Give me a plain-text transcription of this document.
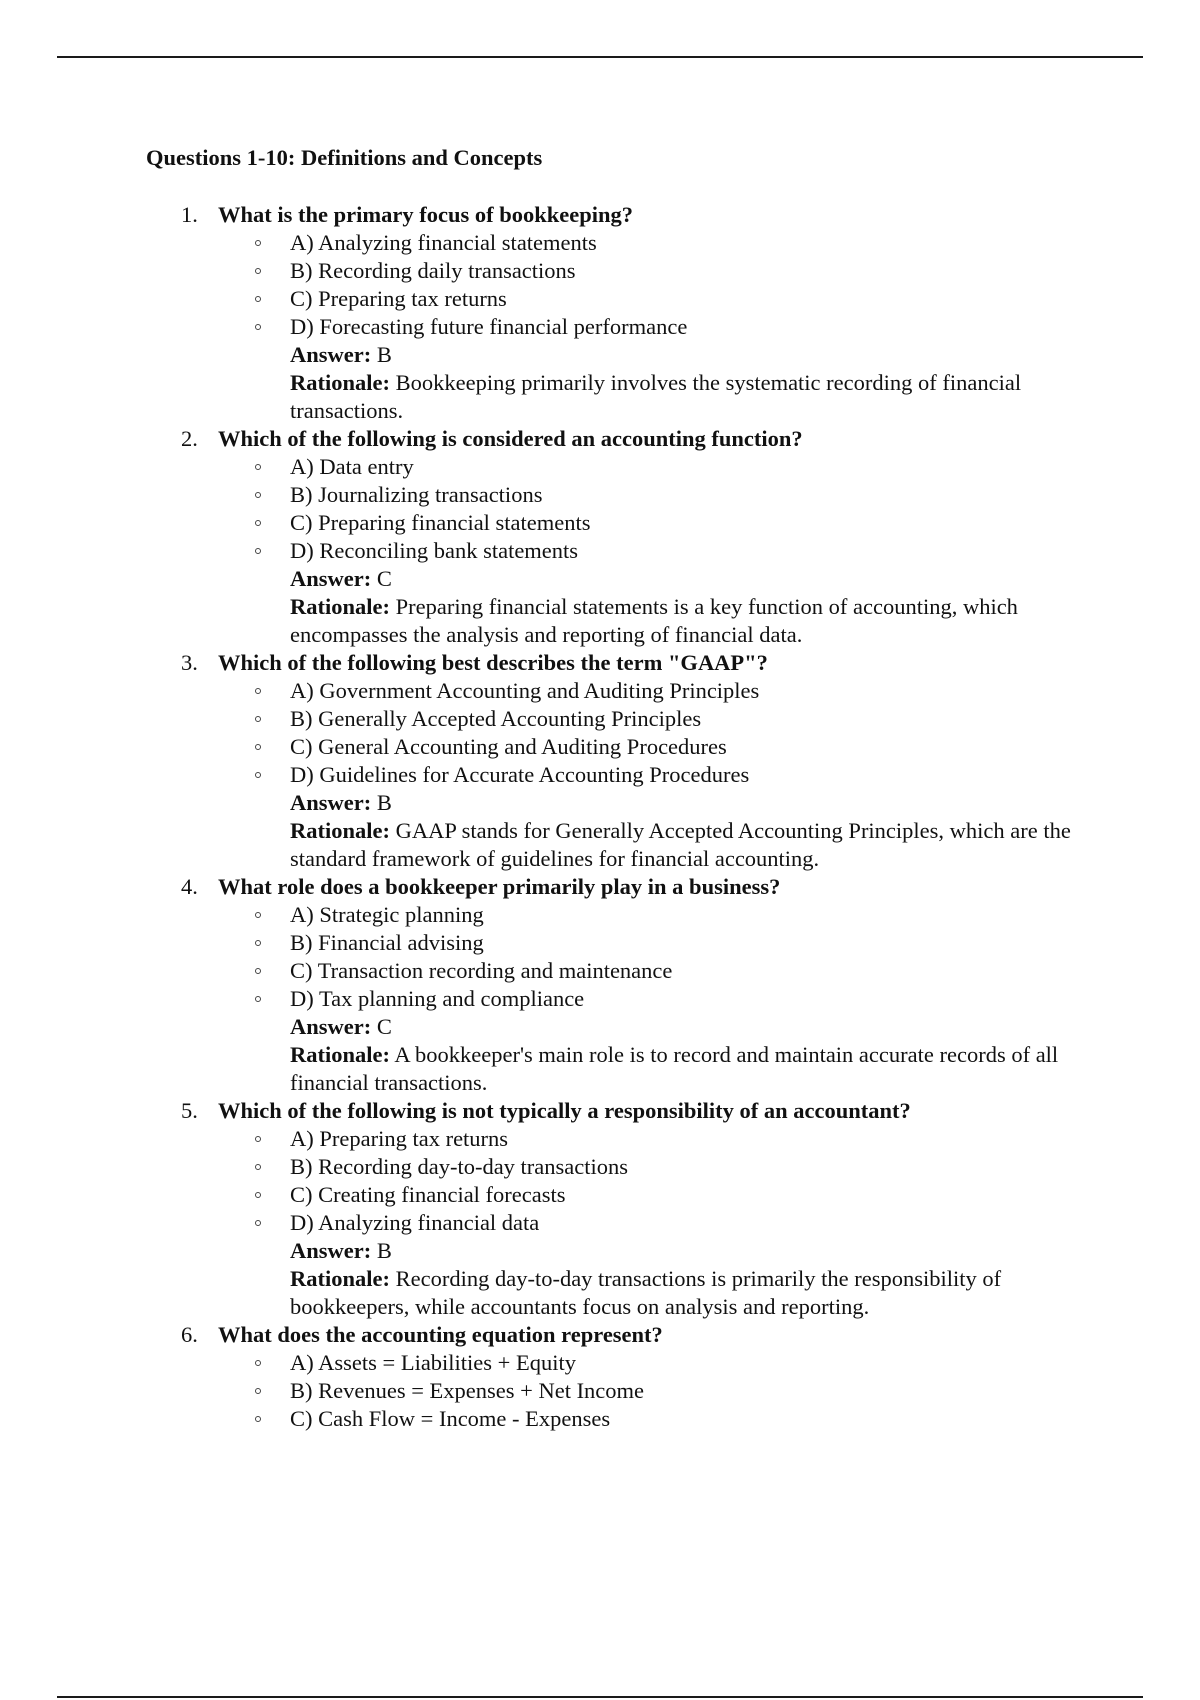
Questions 1-10: Definitions and Concepts
1. What is the primary focus of bookkeeping?
A) Analyzing financial statements
B) Recording daily transactions
C) Preparing tax returns
D) Forecasting future financial performance
Answer: B
Rationale: Bookkeeping primarily involves the systematic recording of financial transactions.
2. Which of the following is considered an accounting function?
A) Data entry
B) Journalizing transactions
C) Preparing financial statements
D) Reconciling bank statements
Answer: C
Rationale: Preparing financial statements is a key function of accounting, which encompasses the analysis and reporting of financial data.
3. Which of the following best describes the term "GAAP"?
A) Government Accounting and Auditing Principles
B) Generally Accepted Accounting Principles
C) General Accounting and Auditing Procedures
D) Guidelines for Accurate Accounting Procedures
Answer: B
Rationale: GAAP stands for Generally Accepted Accounting Principles, which are the standard framework of guidelines for financial accounting.
4. What role does a bookkeeper primarily play in a business?
A) Strategic planning
B) Financial advising
C) Transaction recording and maintenance
D) Tax planning and compliance
Answer: C
Rationale: A bookkeeper's main role is to record and maintain accurate records of all financial transactions.
5. Which of the following is not typically a responsibility of an accountant?
A) Preparing tax returns
B) Recording day-to-day transactions
C) Creating financial forecasts
D) Analyzing financial data
Answer: B
Rationale: Recording day-to-day transactions is primarily the responsibility of bookkeepers, while accountants focus on analysis and reporting.
6. What does the accounting equation represent?
A) Assets = Liabilities + Equity
B) Revenues = Expenses + Net Income
C) Cash Flow = Income - Expenses
